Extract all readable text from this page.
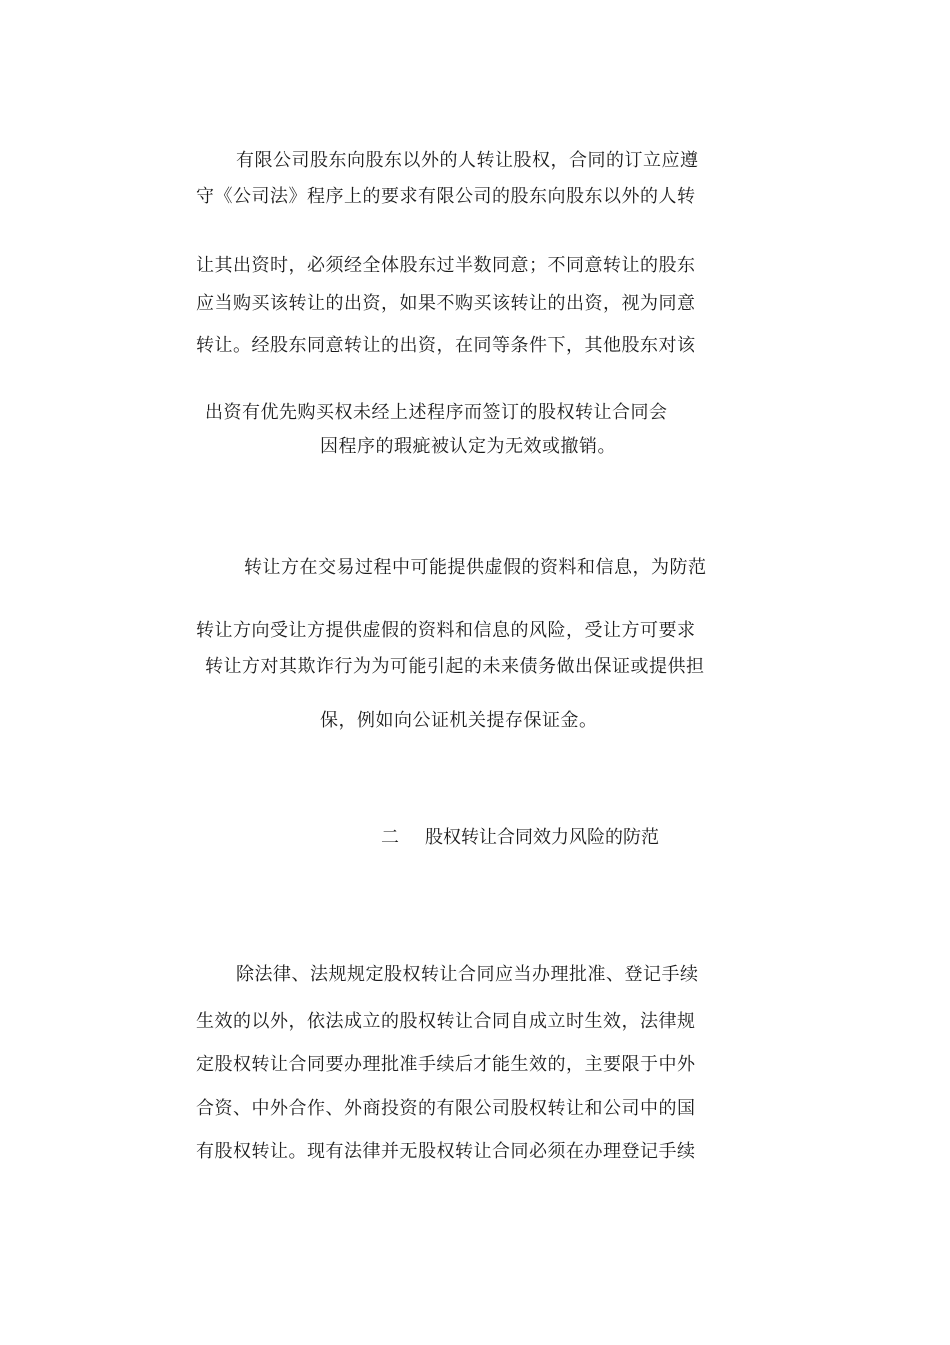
有限公司股东向股东以外的人转让股权，合同的订立应遵
守《公司法》程序上的要求有限公司的股东向股东以外的人转
让其出资时，必须经全体股东过半数同意；不同意转让的股东
应当购买该转让的出资，如果不购买该转让的出资，视为同意
转让。经股东同意转让的出资，在同等条件下，其他股东对该
出资有优先购买权未经上述程序而签订的股权转让合同会
因程序的瑕疵被认定为无效或撤销。
转让方在交易过程中可能提供虚假的资料和信息，为防范
转让方向受让方提供虚假的资料和信息的风险，受让方可要求
转让方对其欺诈行为为可能引起的未来债务做出保证或提供担
保，例如向公证机关提存保证金。
二 股权转让合同效力风险的防范
除法律、法规规定股权转让合同应当办理批准、登记手续
生效的以外，依法成立的股权转让合同自成立时生效，法律规
定股权转让合同要办理批准手续后才能生效的，主要限于中外
合资、中外合作、外商投资的有限公司股权转让和公司中的国
有股权转让。现有法律并无股权转让合同必须在办理登记手续
